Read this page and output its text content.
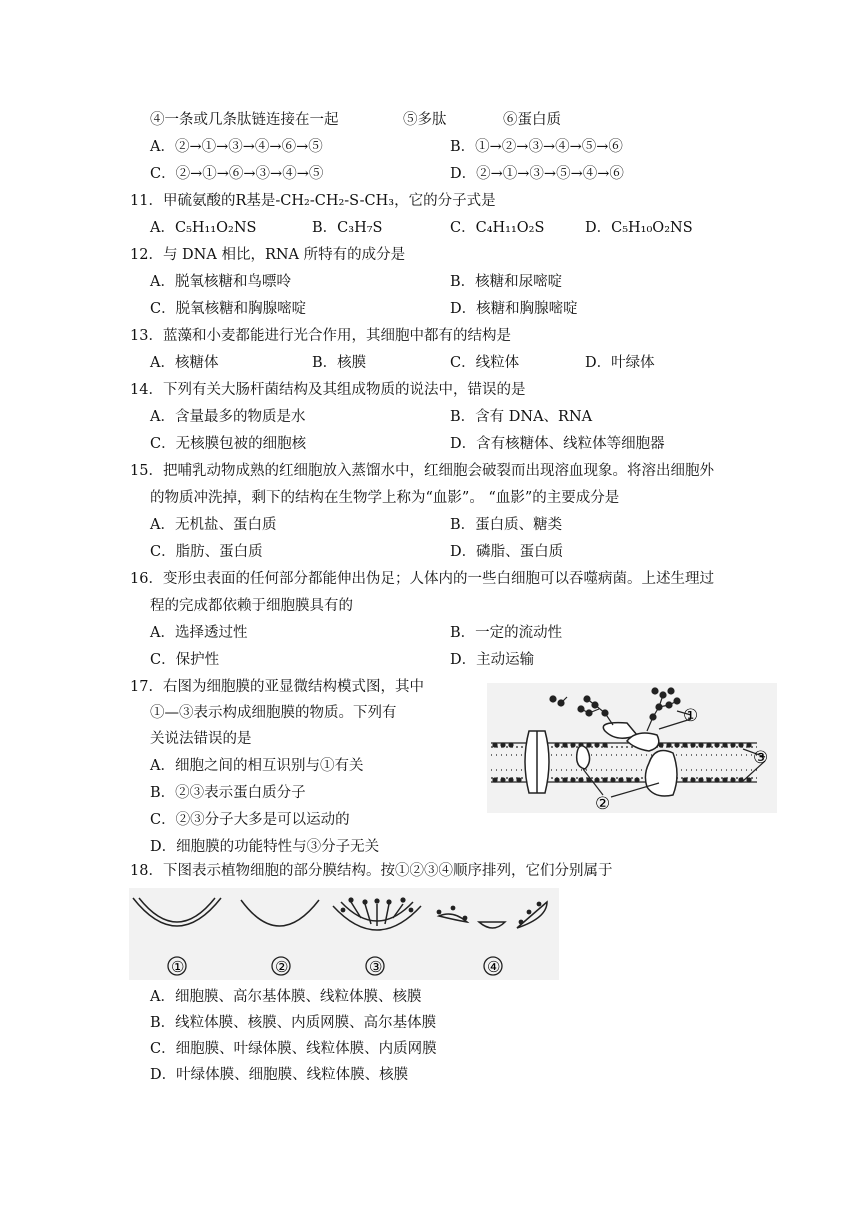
④一条或几条肽链连接在一起	⑤多肽	⑥蛋白质
A．②→①→③→④→⑥→⑤	B．①→②→③→④→⑤→⑥
C．②→①→⑥→③→④→⑤	D．②→①→③→⑤→④→⑥
11．甲硫氨酸的R基是-CH₂-CH₂-S-CH₃，它的分子式是
A．C₅H₁₁O₂NS	B．C₃H₇S	C．C₄H₁₁O₂S	D．C₅H₁₀O₂NS
12．与 DNA 相比，RNA 所特有的成分是
A．脱氧核糖和鸟嘌呤	B．核糖和尿嘧啶
C．脱氧核糖和胸腺嘧啶	D．核糖和胸腺嘧啶
13．蓝藻和小麦都能进行光合作用，其细胞中都有的结构是
A．核糖体	B．核膜	C．线粒体	D．叶绿体
14．下列有关大肠杆菌结构及其组成物质的说法中，错误的是
A．含量最多的物质是水	B．含有 DNA、RNA
C．无核膜包被的细胞核	D．含有核糖体、线粒体等细胞器
15．把哺乳动物成熟的红细胞放入蒸馏水中，红细胞会破裂而出现溶血现象。将溶出细胞外
的物质冲洗掉，剩下的结构在生物学上称为“血影”。 “血影”的主要成分是
A．无机盐、蛋白质	B．蛋白质、糖类
C．脂肪、蛋白质	D．磷脂、蛋白质
16．变形虫表面的任何部分都能伸出伪足；人体内的一些白细胞可以吞噬病菌。上述生理过
程的完成都依赖于细胞膜具有的
A．选择透过性	B．一定的流动性
C．保护性	D．主动运输
17．右图为细胞膜的亚显微结构模式图，其中
①—③表示构成细胞膜的物质。下列有
关说法错误的是
A．细胞之间的相互识别与①有关
B．②③表示蛋白质分子
C．②③分子大多是可以运动的
D．细胞膜的功能特性与③分子无关
①
②
③
18．下图表示植物细胞的部分膜结构。按①②③④顺序排列，它们分别属于
①	②	③	④
A．细胞膜、高尔基体膜、线粒体膜、核膜
B．线粒体膜、核膜、内质网膜、高尔基体膜
C．细胞膜、叶绿体膜、线粒体膜、内质网膜
D．叶绿体膜、细胞膜、线粒体膜、核膜
